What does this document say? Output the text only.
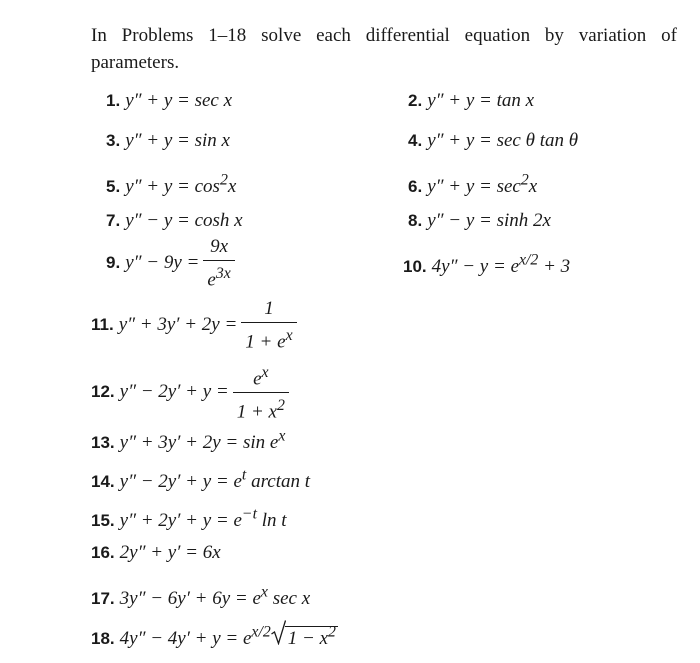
In Problems 1–18 solve each differential equation by variation of parameters.
1. y″ + y = sec x	2. y″ + y = tan x
3. y″ + y = sin x	4. y″ + y = sec θ tan θ
5. $y'' + y = \cos^2x$	6. $y'' + y = \sec^2x$
7. y″ − y = cosh x	8. y″ − y = sinh 2x
9. $y'' - 9y = \frac{9x}{e^{3x}}$	10. $4y'' - y = e^{x/2} + 3$
11. $y'' + 3y' + 2y = \frac{1}{1 + e^x}$
12. $y'' - 2y' + y = \frac{e^x}{1 + x^2}$
13. $y'' + 3y' + 2y = \sin e^x$
14. $y'' - 2y' + y = e^t$ arctan t
15. $y'' + 2y' + y = e^{-t}$ ln t
16. 2y″ + y′ = 6x
17. $3y'' - 6y' + 6y = e^x$ sec x
18. $4y'' - 4y' + y = e^{x/2}$ $1 - x^2$
